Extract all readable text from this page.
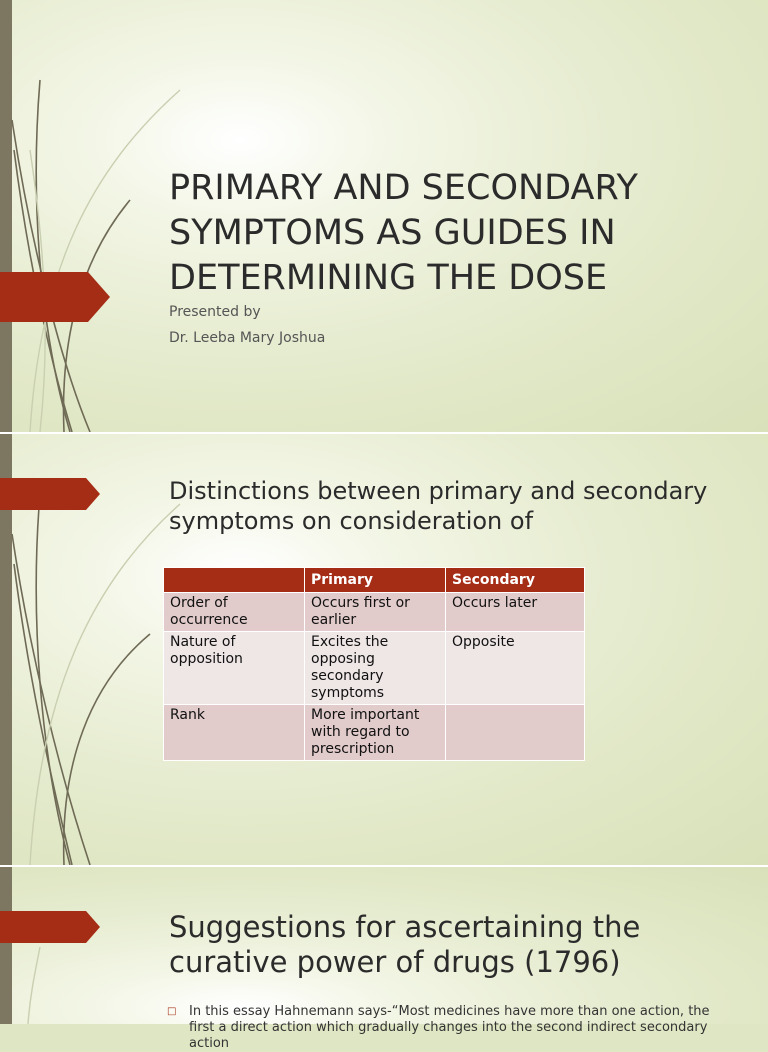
PRIMARY AND SECONDARY
SYMPTOMS AS GUIDES IN
DETERMINING THE DOSE
Presented by
Dr. Leeba Mary Joshua
Distinctions between primary and secondary
symptoms on consideration of
	Primary	Secondary
Order of occurrence	Occurs first or earlier	Occurs later
Nature of opposition	Excites the opposing secondary symptoms	Opposite
Rank	More important with regard to prescription	
Suggestions for ascertaining the
curative power of drugs (1796)
□ In this essay Hahnemann says-“Most medicines have more than one action, the first a direct action which gradually changes into the second indirect secondary action
